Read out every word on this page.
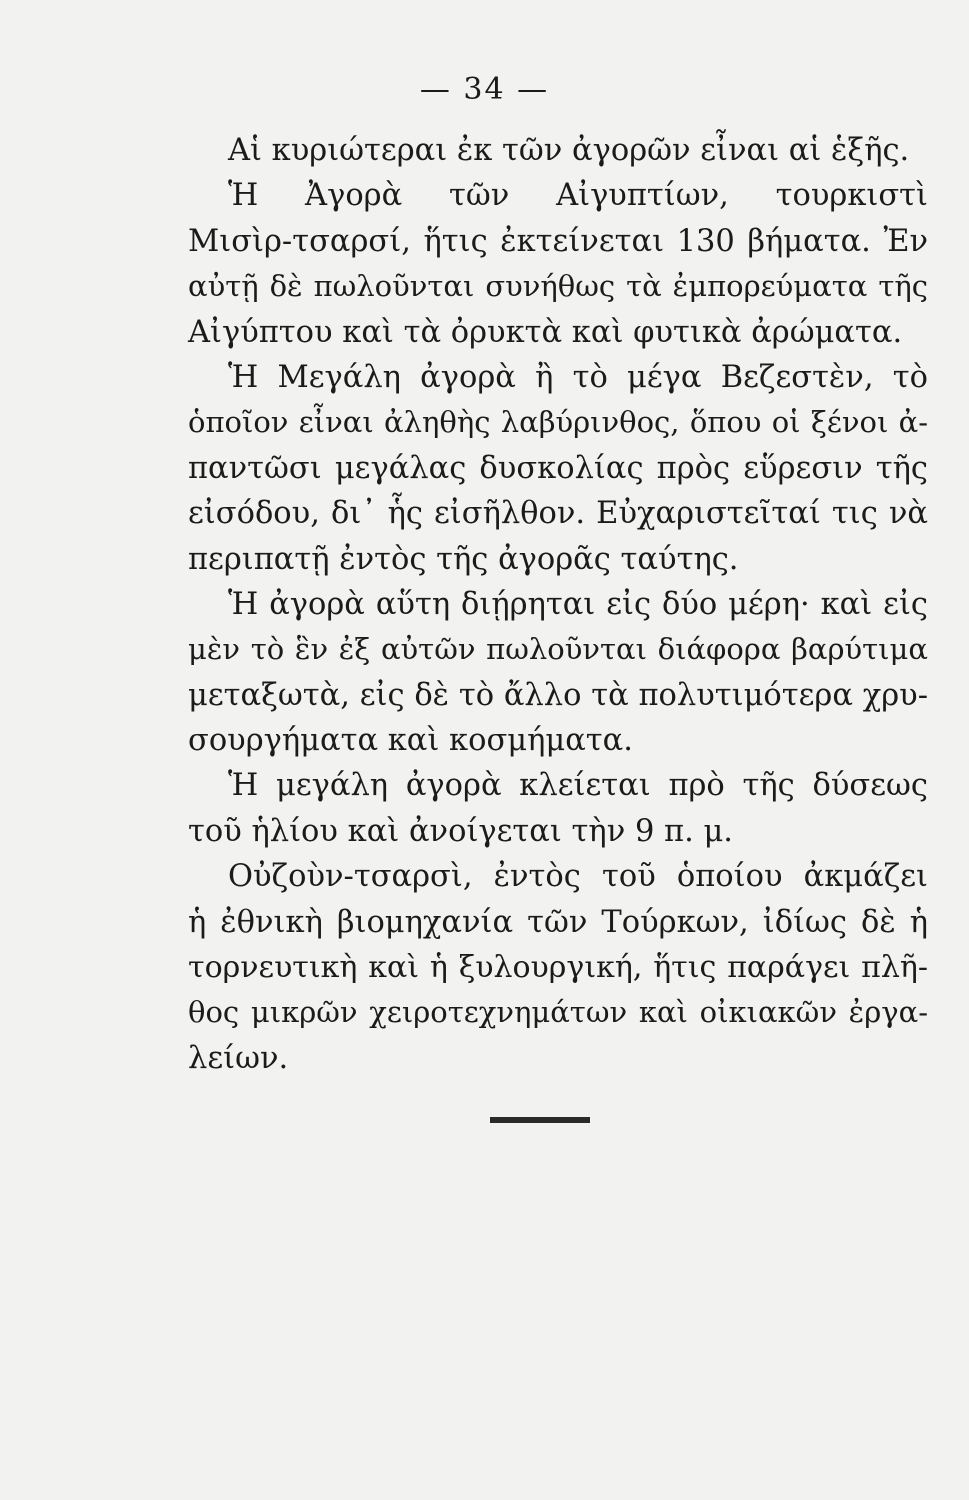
— 34 —
Αἱ κυριώτεραι ἐκ τῶν ἀγορῶν εἶναι αἱ ἑξῆς.
Ἡ Ἀγορὰ τῶν Αἰγυπτίων, τουρκιστὶ
Μισὶρ-τσαρσί, ἥτις ἐκτείνεται 130 βήματα. Ἐν
αὐτῇ δὲ πωλοῦνται συνήθως τὰ ἐμπορεύματα τῆς
Αἰγύπτου καὶ τὰ ὀρυκτὰ καὶ φυτικὰ ἀρώματα.
Ἡ Μεγάλη ἀγορὰ ἢ τὸ μέγα Βεζεστὲν, τὸ
ὁποῖον εἶναι ἀληθὴς λαβύρινθος, ὅπου οἱ ξένοι ἀ-
παντῶσι μεγάλας δυσκολίας πρὸς εὕρεσιν τῆς
εἰσόδου, δι᾽ ἧς εἰσῆλθον. Εὐχαριστεῖταί τις νὰ
περιπατῇ ἐντὸς τῆς ἀγορᾶς ταύτης.
Ἡ ἀγορὰ αὕτη διῄρηται εἰς δύο μέρη· καὶ εἰς
μὲν τὸ ἓν ἐξ αὐτῶν πωλοῦνται διάφορα βαρύτιμα
μεταξωτὰ, εἰς δὲ τὸ ἄλλο τὰ πολυτιμότερα χρυ-
σουργήματα καὶ κοσμήματα.
Ἡ μεγάλη ἀγορὰ κλείεται πρὸ τῆς δύσεως
τοῦ ἡλίου καὶ ἀνοίγεται τὴν 9 π. μ.
Οὐζοὺν-τσαρσὶ, ἐντὸς τοῦ ὁποίου ἀκμάζει
ἡ ἐθνικὴ βιομηχανία τῶν Τούρκων, ἰδίως δὲ ἡ
τορνευτικὴ καὶ ἡ ξυλουργική, ἥτις παράγει πλῆ-
θος μικρῶν χειροτεχνημάτων καὶ οἰκιακῶν ἐργα-
λείων.
